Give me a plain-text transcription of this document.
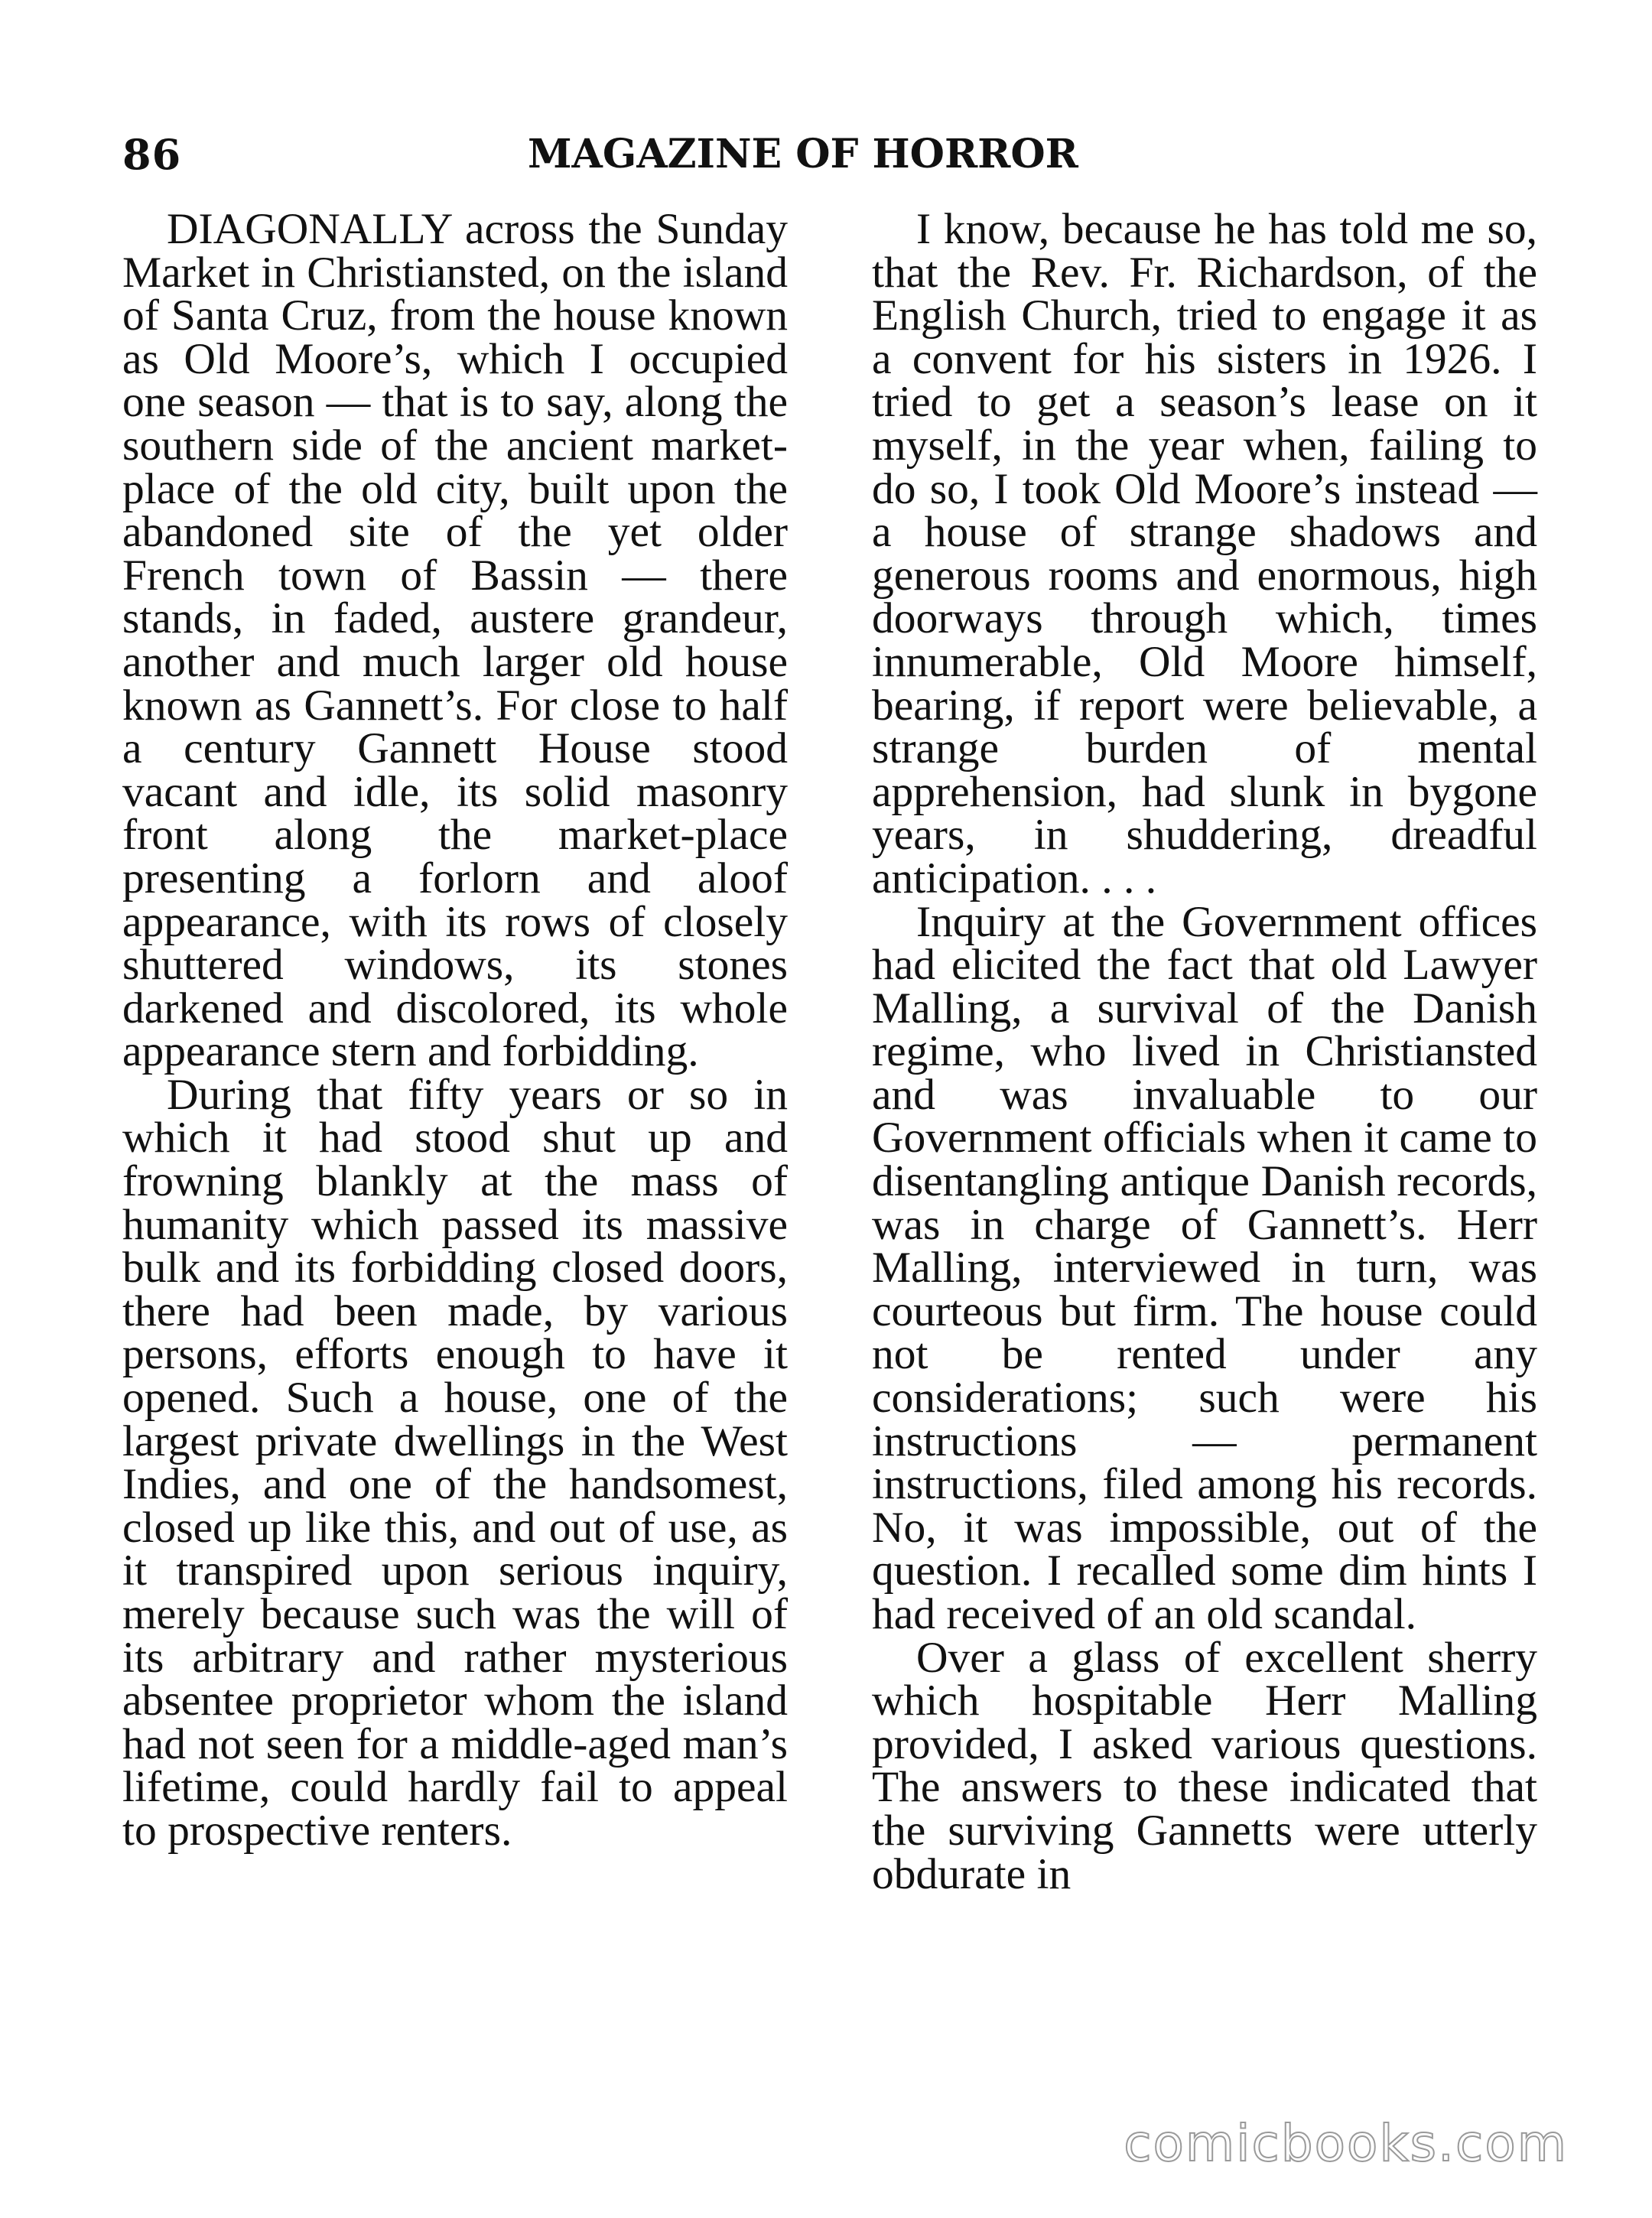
86	MAGAZINE OF HORROR

DIAGONALLY across the Sunday Market in Christiansted, on the island of Santa Cruz, from the house known as Old Moore’s, which I occupied one season — that is to say, along the southern side of the ancient market-place of the old city, built upon the abandoned site of the yet older French town of Bassin — there stands, in faded, austere grandeur, another and much larger old house known as Gannett’s. For close to half a century Gannett House stood vacant and idle, its solid masonry front along the market-place presenting a forlorn and aloof appearance, with its rows of closely shuttered windows, its stones darkened and discolored, its whole appearance stern and forbidding.

During that fifty years or so in which it had stood shut up and frowning blankly at the mass of humanity which passed its massive bulk and its forbidding closed doors, there had been made, by various persons, efforts enough to have it opened. Such a house, one of the largest private dwellings in the West Indies, and one of the handsomest, closed up like this, and out of use, as it transpired upon serious inquiry, merely because such was the will of its arbitrary and rather mysterious absentee proprietor whom the island had not seen for a middle-aged man’s lifetime, could hardly fail to appeal to prospective renters.

I know, because he has told me so, that the Rev. Fr. Richardson, of the English Church, tried to engage it as a convent for his sisters in 1926. I tried to get a season’s lease on it myself, in the year when, failing to do so, I took Old Moore’s instead — a house of strange shadows and generous rooms and enormous, high doorways through which, times innumerable, Old Moore himself, bearing, if report were believable, a strange burden of mental apprehension, had slunk in bygone years, in shuddering, dreadful anticipation. . . .

Inquiry at the Government offices had elicited the fact that old Lawyer Malling, a survival of the Danish regime, who lived in Christiansted and was invaluable to our Government officials when it came to disentangling antique Danish records, was in charge of Gannett’s. Herr Malling, interviewed in turn, was courteous but firm. The house could not be rented under any considerations; such were his instructions — permanent instructions, filed among his records. No, it was impossible, out of the question. I recalled some dim hints I had received of an old scandal.

Over a glass of excellent sherry which hospitable Herr Malling provided, I asked various questions. The answers to these indicated that the surviving Gannetts were utterly obdurate in

comicbooks.com
